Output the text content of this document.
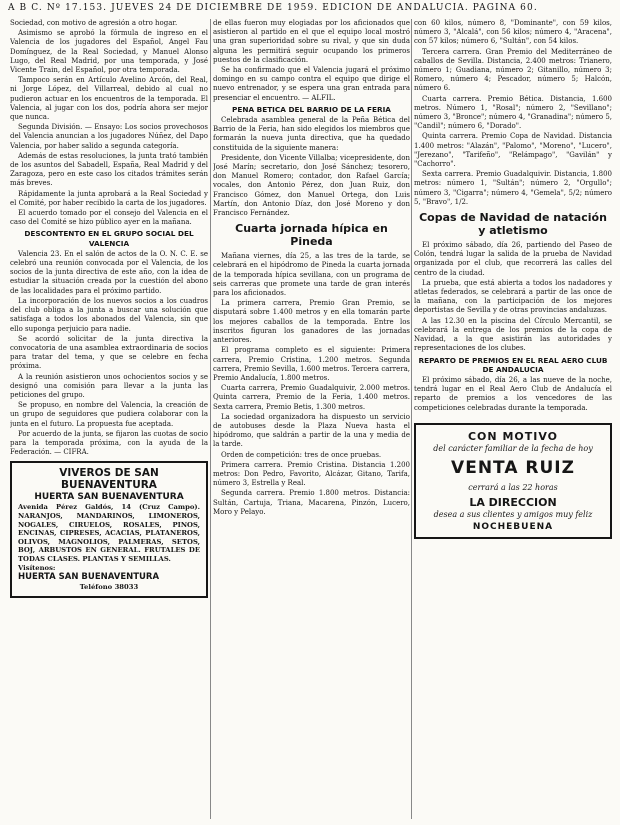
A B C. Nº 17.153. JUEVES 24 DE DICIEMBRE DE 1959. EDICION DE ANDALUCIA. PAGINA 60.

Sociedad, con motivo de agresión a otro hogar.

Asimismo se aprobó la fórmula de ingreso en el Valencia de los jugadores del Español, Angel Fau Domínguez, de la Real Sociedad, y Manuel Alonso Lugo, del Real Madrid, por una temporada, y José Vicente Train, del Español, por otra temporada.

Tampoco serán en Artículo Avelino Arcón, del Real, ni Jorge López, del Villarreal, debido al cual no pudieron actuar en los encuentros de la temporada. El Valencia, al jugar con los dos, podría ahora ser mejor que nunca.

Segunda División. — Ensayo: Los socios provechosos del Valencia anuncian a los jugadores Núñez, del Dapo Valencia, por haber salido a segunda categoría.

Además de estas resoluciones, la junta trató también de los asuntos del Sabadell, España, Real Madrid y del Zaragoza, pero en este caso los citados trámites serán más breves.

Rápidamente la junta aprobará a la Real Sociedad y el Comité, por haber recibido la carta de los jugadores.

El acuerdo tomado por el consejo del Valencia en el caso del Comité se hizo público ayer en la mañana.

DESCONTENTO EN EL GRUPO SOCIAL DEL VALENCIA

Valencia 23. En el salón de actos de la O. N. C. E. se celebró una reunión convocada por el Valencia, de los socios de la junta directiva de este año, con la idea de estudiar la situación creada por la cuestión del abono de las localidades para el próximo partido.

La incorporación de los nuevos socios a los cuadros del club obliga a la junta a buscar una solución que satisfaga a todos los abonados del Valencia, sin que ello suponga perjuicio para nadie.

Se acordó solicitar de la junta directiva la convocatoria de una asamblea extraordinaria de socios para tratar del tema, y que se celebre en fecha próxima.

A la reunión asistieron unos ochocientos socios y se designó una comisión para llevar a la junta las peticiones del grupo.

Se propuso, en nombre del Valencia, la creación de un grupo de seguidores que pudiera colaborar con la junta en el futuro. La propuesta fue aceptada.

Por acuerdo de la junta, se fijaron las cuotas de socio para la temporada próxima, con la ayuda de la Federación. — CIFRA.

VIVEROS DE SAN BUENAVENTURA
HUERTA SAN BUENAVENTURA
Avenida Pérez Galdós, 14 (Cruz Campo). NARANJOS, MANDARINOS, LIMONEROS, NOGALES, CIRUELOS, ROSALES, PINOS, ENCINAS, CIPRESES, ACACIAS, PLATANEROS, OLIVOS, MAGNOLIOS, PALMERAS, SETOS, BOJ, ARBUSTOS EN GENERAL. FRUTALES DE TODAS CLASES. PLANTAS Y SEMILLAS.
Visítenos:
HUERTA SAN BUENAVENTURA
Teléfono 38033

de ellas fueron muy elogiadas por los aficionados que asistieron al partido en el que el equipo local mostró una gran superioridad sobre su rival, y que sin duda alguna les permitirá seguir ocupando los primeros puestos de la clasificación.

Se ha confirmado que el Valencia jugará el próximo domingo en su campo contra el equipo que dirige el nuevo entrenador, y se espera una gran entrada para presenciar el encuentro. — ALFIL.

PENA BETICA DEL BARRIO DE LA FERIA

Celebrada asamblea general de la Peña Bética del Barrio de la Feria, han sido elegidos los miembros que formarán la nueva junta directiva, que ha quedado constituida de la siguiente manera:

Presidente, don Vicente Villalba; vicepresidente, don José Marín; secretario, don José Sánchez; tesorero, don Manuel Romero; contador, don Rafael García; vocales, don Antonio Pérez, don Juan Ruiz, don Francisco Gómez, don Manuel Ortega, don Luis Martín, don Antonio Díaz, don José Moreno y don Francisco Fernández.

Cuarta jornada hípica en Pineda

Mañana viernes, día 25, a las tres de la tarde, se celebrará en el hipódromo de Pineda la cuarta jornada de la temporada hípica sevillana, con un programa de seis carreras que promete una tarde de gran interés para los aficionados.

La primera carrera, Premio Gran Premio, se disputará sobre 1.400 metros y en ella tomarán parte los mejores caballos de la temporada. Entre los inscritos figuran los ganadores de las jornadas anteriores.

El programa completo es el siguiente: Primera carrera, Premio Cristina, 1.200 metros. Segunda carrera, Premio Sevilla, 1.600 metros. Tercera carrera, Premio Andalucía, 1.800 metros.

Cuarta carrera, Premio Guadalquivir, 2.000 metros. Quinta carrera, Premio de la Feria, 1.400 metros. Sexta carrera, Premio Betis, 1.300 metros.

La sociedad organizadora ha dispuesto un servicio de autobuses desde la Plaza Nueva hasta el hipódromo, que saldrán a partir de la una y media de la tarde.

Orden de competición: tres de once pruebas.

Primera carrera. Premio Cristina. Distancia 1.200 metros: Don Pedro, Favorito, Alcázar, Gitano, Tarifa, número 3, Estrella y Real.

Segunda carrera. Premio 1.800 metros. Distancia: Sultán, Cartuja, Triana, Macarena, Pinzón, Lucero, Moro y Pelayo.

con 60 kilos, número 8, "Dominante", con 59 kilos, número 3, "Alcalá", con 56 kilos; número 4, "Aracena", con 57 kilos; número 6, "Sultán", con 54 kilos.

Tercera carrera. Gran Premio del Mediterráneo de caballos de Sevilla. Distancia, 2.400 metros: Trianero, número 1; Guadiana, número 2; Gitanillo, número 3; Romero, número 4; Pescador, número 5; Halcón, número 6.

Cuarta carrera. Premio Bética. Distancia, 1.600 metros. Número 1, "Rosal"; número 2, "Sevillano"; número 3, "Bronce"; número 4, "Granadina"; número 5, "Candil"; número 6, "Dorado".

Quinta carrera. Premio Copa de Navidad. Distancia 1.400 metros: "Alazán", "Palomo", "Moreno", "Lucero", "Jerezano", "Tarifeño", "Relámpago", "Gavilán" y "Cachorro".

Sexta carrera. Premio Guadalquivir. Distancia, 1.800 metros: número 1, "Sultán"; número 2, "Orgullo"; número 3, "Cigarra"; número 4, "Gemela", 5/2; número 5, "Bravo", 1/2.

Copas de Navidad de natación y atletismo

El próximo sábado, día 26, partiendo del Paseo de Colón, tendrá lugar la salida de la prueba de Navidad organizada por el club, que recorrerá las calles del centro de la ciudad.

La prueba, que está abierta a todos los nadadores y atletas federados, se celebrará a partir de las once de la mañana, con la participación de los mejores deportistas de Sevilla y de otras provincias andaluzas.

A las 12.30 en la piscina del Círculo Mercantil, se celebrará la entrega de los premios de la copa de Navidad, a la que asistirán las autoridades y representaciones de los clubes.

REPARTO DE PREMIOS EN EL REAL AERO CLUB DE ANDALUCIA

El próximo sábado, día 26, a las nueve de la noche, tendrá lugar en el Real Aero Club de Andalucía el reparto de premios a los vencedores de las competiciones celebradas durante la temporada.

CON MOTIVO
del carácter familiar de la fecha de hoy
VENTA RUIZ
cerrará a las 22 horas
LA DIRECCION
desea a sus clientes y amigos muy feliz
NOCHEBUENA
